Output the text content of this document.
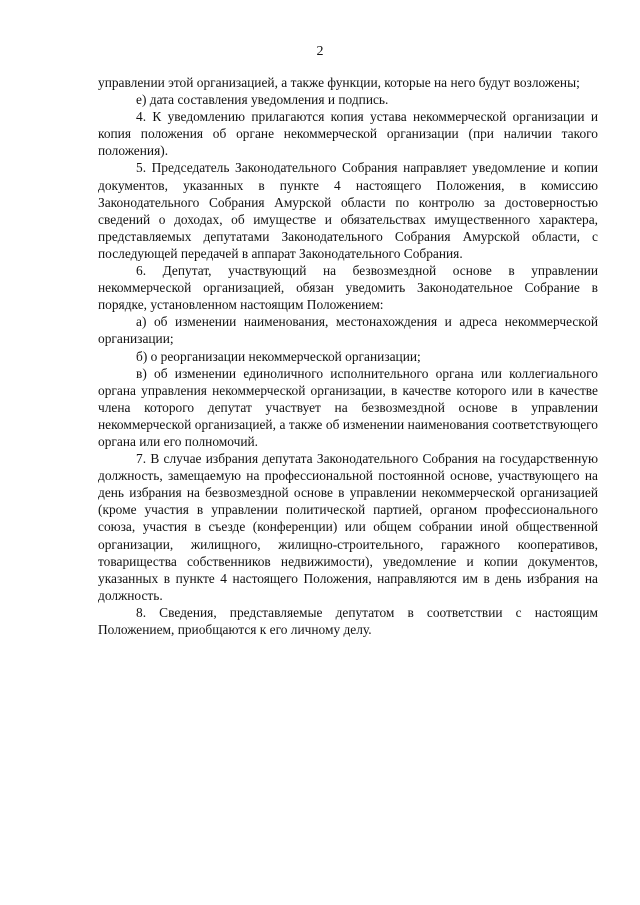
2

управлении этой организацией, а также функции, которые на него будут возложены;

е) дата составления уведомления и подпись.

4. К уведомлению прилагаются копия устава некоммерческой организации и копия положения об органе некоммерческой организации (при наличии такого положения).

5. Председатель Законодательного Собрания направляет уведомление и копии документов, указанных в пункте 4 настоящего Положения, в комиссию Законодательного Собрания Амурской области по контролю за достоверностью сведений о доходах, об имуществе и обязательствах имущественного характера, представляемых депутатами Законодательного Собрания Амурской области, с последующей передачей в аппарат Законодательного Собрания.

6. Депутат, участвующий на безвозмездной основе в управлении некоммерческой организацией, обязан уведомить Законодательное Собрание в порядке, установленном настоящим Положением:

а) об изменении наименования, местонахождения и адреса некоммерческой организации;

б) о реорганизации некоммерческой организации;

в) об изменении единоличного исполнительного органа или коллегиального органа управления некоммерческой организации, в качестве которого или в качестве члена которого депутат участвует на безвозмездной основе в управлении некоммерческой организацией, а также об изменении наименования соответствующего органа или его полномочий.

7. В случае избрания депутата Законодательного Собрания на государственную должность, замещаемую на профессиональной постоянной основе, участвующего на день избрания на безвозмездной основе в управлении некоммерческой организацией (кроме участия в управлении политической партией, органом профессионального союза, участия в съезде (конференции) или общем собрании иной общественной организации, жилищного, жилищно-строительного, гаражного кооперативов, товарищества собственников недвижимости), уведомление и копии документов, указанных в пункте 4 настоящего Положения, направляются им в день избрания на должность.

8. Сведения, представляемые депутатом в соответствии с настоящим Положением, приобщаются к его личному делу.
